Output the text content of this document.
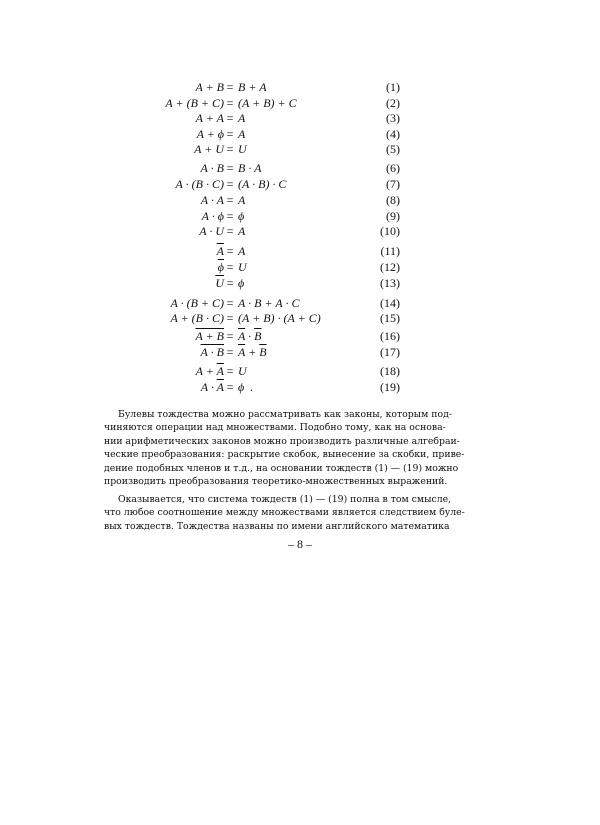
A + B = B + A	(1)
A + (B + C) = (A + B) + C	(2)
A + A = A	(3)
A + ϕ = A	(4)
A + U = U	(5)
A · B = B · A	(6)
A · (B · C) = (A · B) · C	(7)
A · A = A	(8)
A · ϕ = ϕ	(9)
A · U = A	(10)
$\overline{A} = A$	(11)
$\overline{\phi} = U$	(12)
$\overline{U} = \phi$	(13)
A · (B + C) = A · B + A · C	(14)
A + (B · C) = (A + B) · (A + C)	(15)
$A + B = \overline{A} \cdot \overline{B}$	(16)
$A \cdot B = \overline{A} + \overline{B}$	(17)
$A + \overline{A} = U$	(18)
$A \cdot \overline{A} = \phi$  .	(19)
Булевы тождества можно рассматривать как законы, которым под-
чиняются операции над множествами. Подобно тому, как на основа-
нии арифметических законов можно производить различные алгебраи-
ческие преобразования: раскрытие скобок, вынесение за скобки, приве-
дение подобных членов и т.д., на основании тождеств (1) — (19) можно
производить преобразования теоретико-множественных выражений.
Оказывается, что система тождеств (1) — (19) полна в том смысле,
что любое соотношение между множествами является следствием буле-
вых тождеств. Тождества названы по имени английского математика
– 8 –
